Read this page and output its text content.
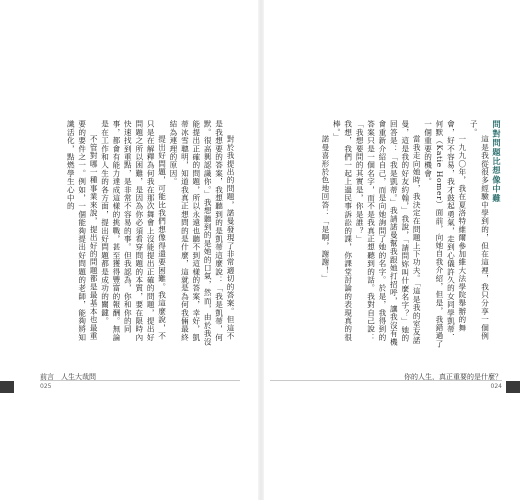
對於我提出的問題，諾曼發現了非常適切的答案。但這不是我想要的答案，我想聽到的是凱蒂這麼說：「我是凱蒂，何默。很高興認識你。」我想聽到的是她的口氣，然而，由於我沒能提出正確的問題，所以永遠也聽不到這樣的答案，幸好，凱蒂冰雪聰明，知道我真正想問的是什麼，這就是為何我倆最終結為連理的原因。

提出好問題，可能比我們想像得還要困難。我這麼說，不只是在解釋為何我在那次舞會上沒能提出正確的問題，提出好問題之所以困難，是因為你必須看穿問題的本質，要在限時內快速找到重點，是非常不容易的事。但我認為，你和你的同事，都會有能力達成這樣的挑戰，甚至獲得豐富的報酬。無論是在工作和人生的各方面，提出好問題都是成功的關鍵。

不管對哪一種事業來說，提出好的問題都是最基本也最重要的要件之一。例如，一個能夠提出好問題的老師，能夠將知識活化，點燃學生心中的

前言　人生大哉問
025

問對問題比想像中難

這是我從很多經驗中學到的，但在這裡，我只分享一個例子。

一九九〇年，我在夏洛特維爾參加維大法學院舉辦的舞會，好不容易，我才鼓起勇氣，走到心儀許久的女同學凱蒂．何默（Katie Homer）面前，向她自我介紹，但是，我錯過了一個重要的機會。

當我走向她時，我決定在問題上下功夫。「這是我的室友諾曼，這是我的好友約翰，」我說，「請問妳叫什麼名字？」她的回答是：「我是凱蒂。」我請諾曼幫我跟她打招呼，讓我沒有機會重新介紹自己，而是向她詢問了她的名字。於是，我得到的答案只是一個名字，而不是我真正想聽到的話。我對自己說：「我想要問的其實是，你是誰？」

我想，我們一起上過民事訴訟的課，你課堂討論的表現真的很棒。」

諾曼喜形於色地回答：「是啊，謝謝！」

你的人生，真正重要的是什麼？
024
